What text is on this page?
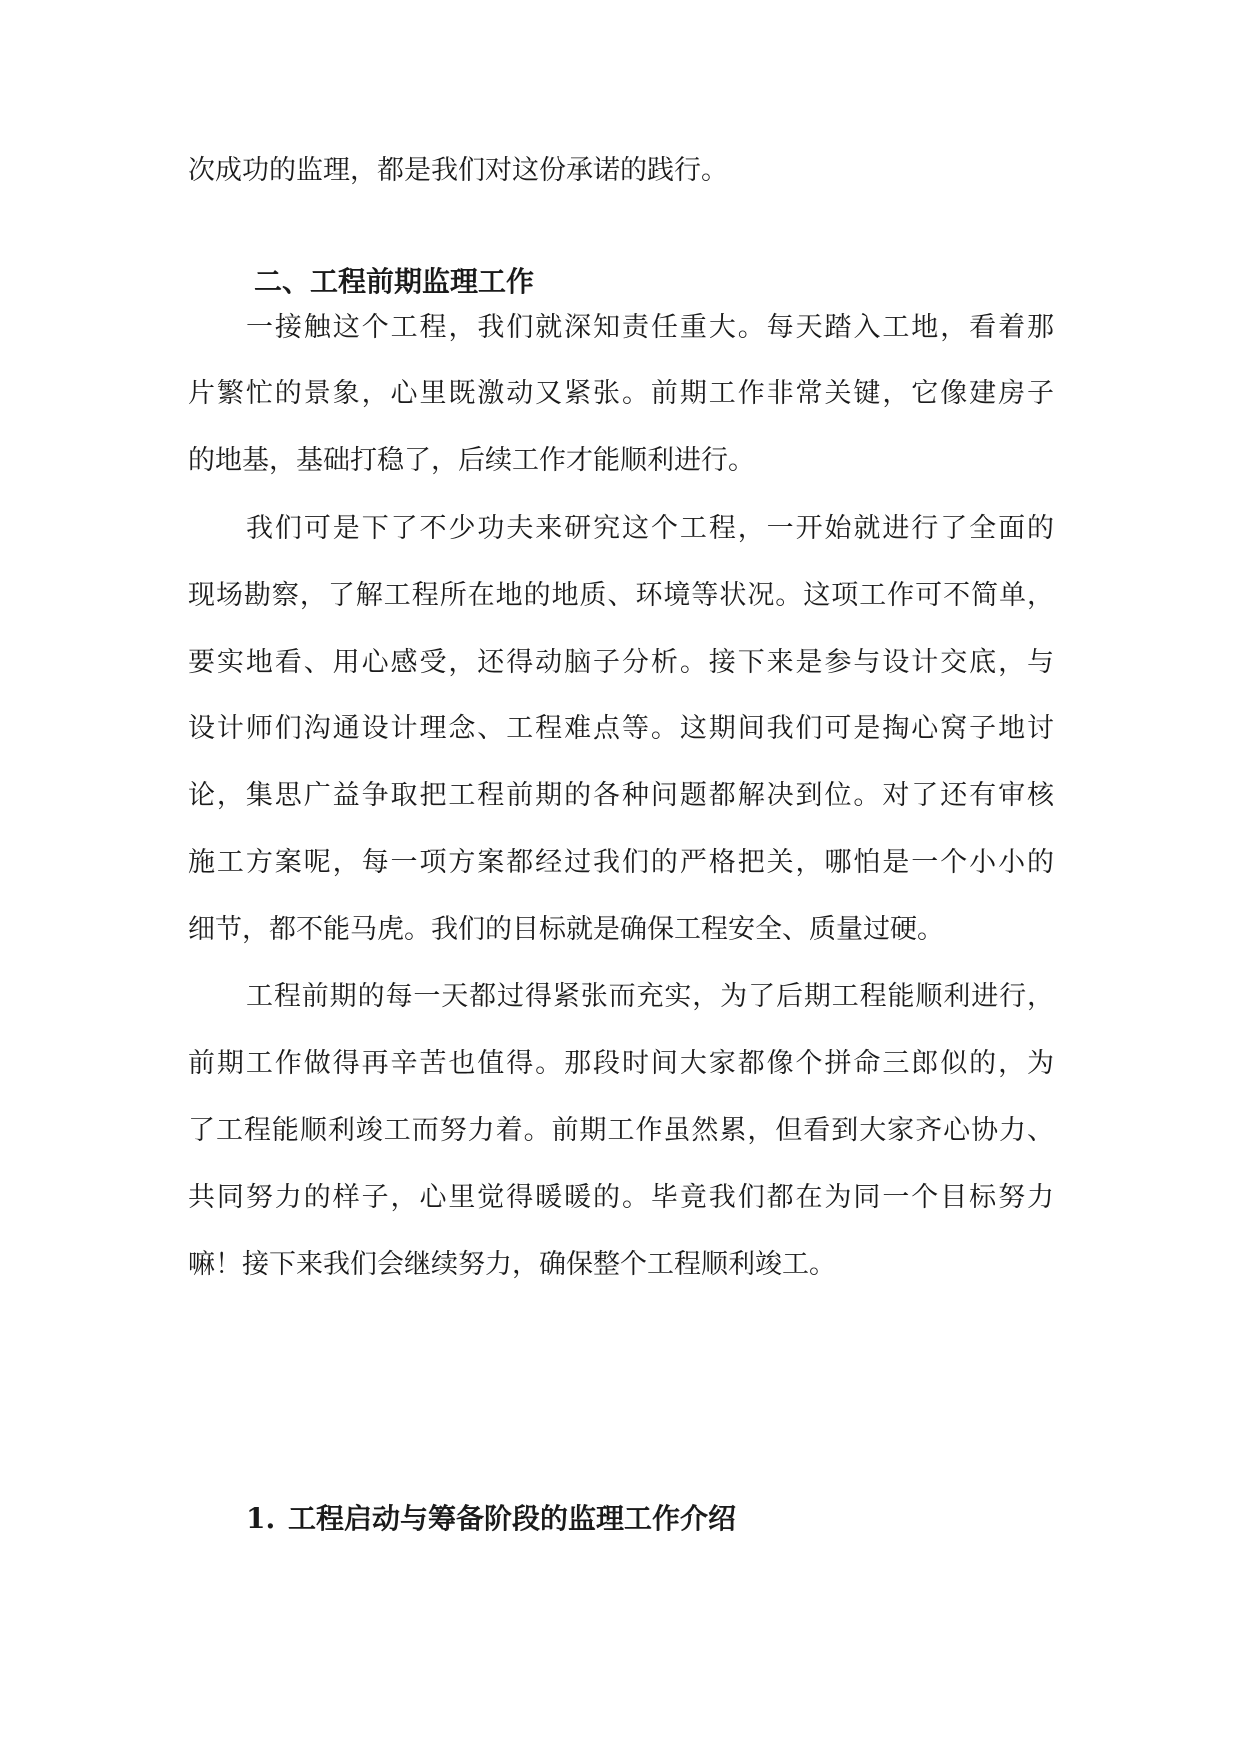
次成功的监理，都是我们对这份承诺的践行。

二、工程前期监理工作

一接触这个工程，我们就深知责任重大。每天踏入工地，看着那

片繁忙的景象，心里既激动又紧张。前期工作非常关键，它像建房子

的地基，基础打稳了，后续工作才能顺利进行。

我们可是下了不少功夫来研究这个工程，一开始就进行了全面的

现场勘察，了解工程所在地的地质、环境等状况。这项工作可不简单，

要实地看、用心感受，还得动脑子分析。接下来是参与设计交底，与

设计师们沟通设计理念、工程难点等。这期间我们可是掏心窝子地讨

论，集思广益争取把工程前期的各种问题都解决到位。对了还有审核

施工方案呢，每一项方案都经过我们的严格把关，哪怕是一个小小的

细节，都不能马虎。我们的目标就是确保工程安全、质量过硬。

工程前期的每一天都过得紧张而充实，为了后期工程能顺利进行，

前期工作做得再辛苦也值得。那段时间大家都像个拼命三郎似的，为

了工程能顺利竣工而努力着。前期工作虽然累，但看到大家齐心协力、

共同努力的样子，心里觉得暖暖的。毕竟我们都在为同一个目标努力

嘛！接下来我们会继续努力，确保整个工程顺利竣工。

1. 工程启动与筹备阶段的监理工作介绍
